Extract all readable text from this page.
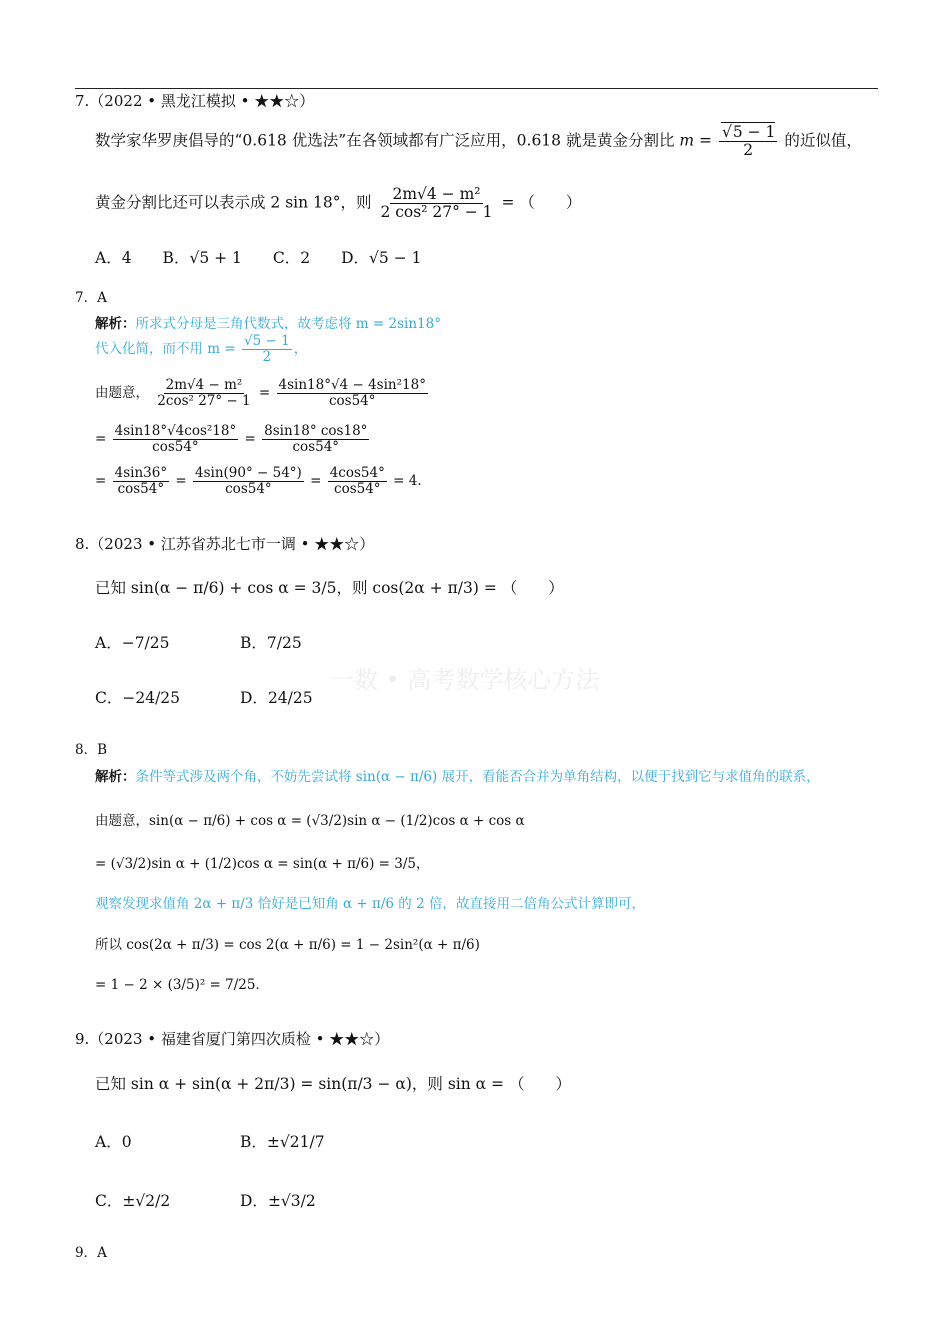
7.（2022 • 黑龙江模拟 • ★★☆）
数学家华罗庚倡导的“0.618 优选法”在各领域都有广泛应用，0.618 就是黄金分割比 m =
√ $\frac{5 - 1}{2}$ 的近似值，
黄金分割比还可以表示成 2 sin 18°，则 $\frac{\text{2m√4 − m²}}{\text{2 cos² 27° − 1}}$ = （　　）
A．4　　B．√5 + 1　　C．2　　D．√5 − 1
7．A
解析：所求式分母是三角代数式，故考虑将 m = 2sin18°
代入化简，而不用 $m = \frac{√5 - 1}{2}$ ，
由题意， $\frac{\text{2m√4 − m²}}{\text{2cos² 27° − 1}} = \frac{\text{4sin18°√4 − 4sin²18°}}{\cos 54^\circ}$
= $\frac{\text{4sin18°√4cos²18°}}{\cos 54^\circ} = \frac{8\sin 18^\circ \cos 18^\circ}{\cos 54^\circ}$
= $\frac{4\sin 36^\circ}{\cos 54^\circ} = \frac{4\sin(90^\circ - 54^\circ)}{\cos 54^\circ} = \frac{4\cos 54^\circ}{\cos 54^\circ} = 4$．
8.（2023 • 江苏省苏北七市一调 • ★★☆）
已知 sin(α − π/6) + cos α = 3/5，则 cos(2α + π/3) = （　　）
A．−7/25	B．7/25
C．−24/25	D．24/25
一数 • 高考数学核心方法
8．B
解析：条件等式涉及两个角，不妨先尝试将 sin(α − π/6) 展开，看能否合并为单角结构，以便于找到它与求值角的联系，
由题意，sin(α − π/6) + cos α = (√3/2)sin α − (1/2)cos α + cos α
= (√3/2)sin α + (1/2)cos α = sin(α + π/6) = 3/5，
观察发现求值角 2α + π/3 恰好是已知角 α + π/6 的 2 倍，故直接用二倍角公式计算即可，
所以 cos(2α + π/3) = cos 2(α + π/6) = 1 − 2sin²(α + π/6)
= 1 − 2 × (3/5)² = 7/25．
9.（2023 • 福建省厦门第四次质检 • ★★☆）
已知 sin α + sin(α + 2π/3) = sin(π/3 − α)，则 sin α = （　　）
A．0	B．±√21/7
C．±√2/2	D．±√3/2
9．A
